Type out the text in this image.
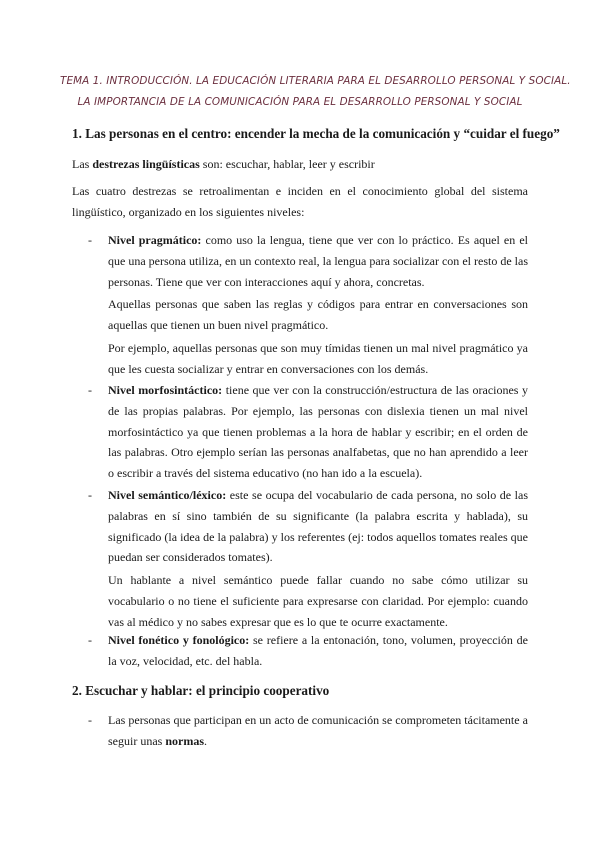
TEMA 1. INTRODUCCIÓN. LA EDUCACIÓN LITERARIA PARA EL DESARROLLO PERSONAL Y SOCIAL.
LA IMPORTANCIA DE LA COMUNICACIÓN PARA EL DESARROLLO PERSONAL Y SOCIAL
1. Las personas en el centro: encender la mecha de la comunicación y “cuidar el fuego”
Las destrezas lingüísticas son: escuchar, hablar, leer y escribir
Las cuatro destrezas se retroalimentan e inciden en el conocimiento global del sistema lingüístico, organizado en los siguientes niveles:
- Nivel pragmático: como uso la lengua, tiene que ver con lo práctico. Es aquel en el que una persona utiliza, en un contexto real, la lengua para socializar con el resto de las personas. Tiene que ver con interacciones aquí y ahora, concretas.

Aquellas personas que saben las reglas y códigos para entrar en conversaciones son aquellas que tienen un buen nivel pragmático.

Por ejemplo, aquellas personas que son muy tímidas tienen un mal nivel pragmático ya que les cuesta socializar y entrar en conversaciones con los demás.

- Nivel morfosintáctico: tiene que ver con la construcción/estructura de las oraciones y de las propias palabras. Por ejemplo, las personas con dislexia tienen un mal nivel morfosintáctico ya que tienen problemas a la hora de hablar y escribir; en el orden de las palabras. Otro ejemplo serían las personas analfabetas, que no han aprendido a leer o escribir a través del sistema educativo (no han ido a la escuela).

- Nivel semántico/léxico: este se ocupa del vocabulario de cada persona, no solo de las palabras en sí sino también de su significante (la palabra escrita y hablada), su significado (la idea de la palabra) y los referentes (ej: todos aquellos tomates reales que puedan ser considerados tomates).

Un hablante a nivel semántico puede fallar cuando no sabe cómo utilizar su vocabulario o no tiene el suficiente para expresarse con claridad. Por ejemplo: cuando vas al médico y no sabes expresar que es lo que te ocurre exactamente.

- Nivel fonético y fonológico: se refiere a la entonación, tono, volumen, proyección de la voz, velocidad, etc. del habla.

2. Escuchar y hablar: el principio cooperativo
- Las personas que participan en un acto de comunicación se comprometen tácitamente a seguir unas normas.
